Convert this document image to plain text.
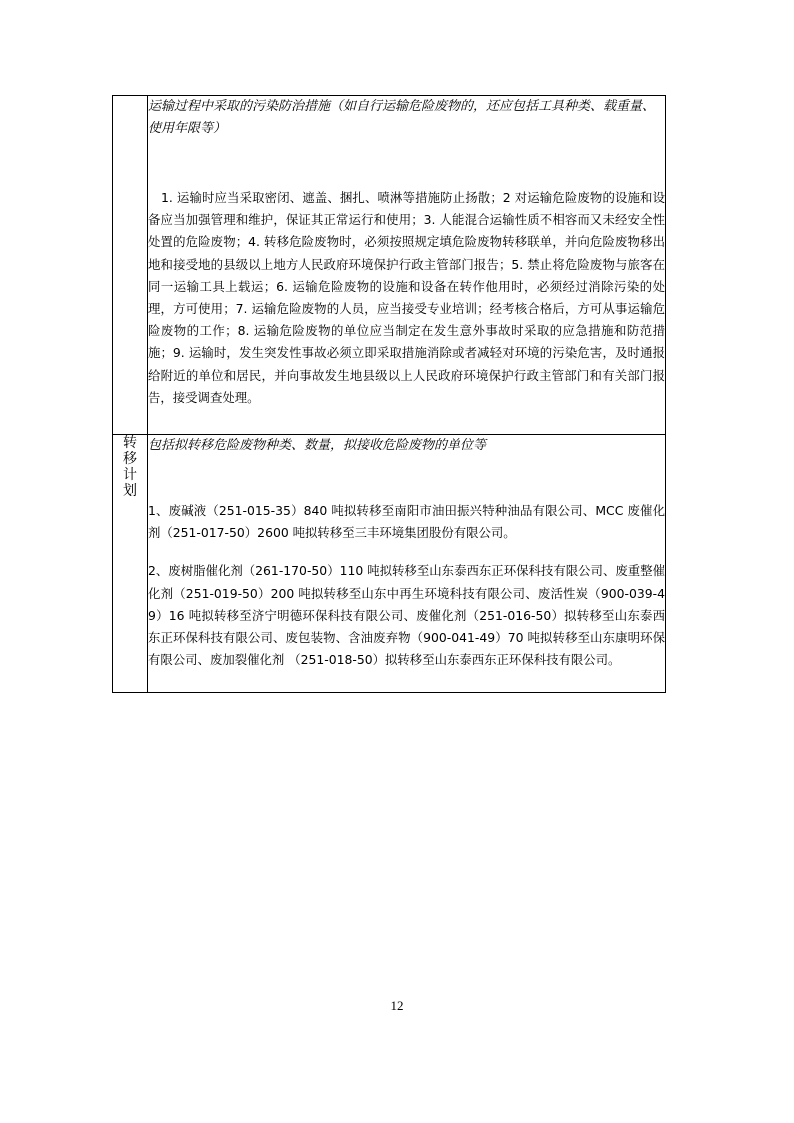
	运输过程中采取的污染防治措施（如自行运输危险废物的，还应包括工具种类、载重量、使用年限等）
1. 运输时应当采取密闭、遮盖、捆扎、喷淋等措施防止扬散；2 对运输危险废物的设施和设备应当加强管理和维护，保证其正常运行和使用；3. 人能混合运输性质不相容而又未经安全性处置的危险废物；4. 转移危险废物时，必须按照规定填危险废物转移联单，并向危险废物移出地和接受地的县级以上地方人民政府环境保护行政主管部门报告；5. 禁止将危险废物与旅客在同一运输工具上载运；6. 运输危险废物的设施和设备在转作他用时，必须经过消除污染的处理，方可使用；7. 运输危险废物的人员，应当接受专业培训；经考核合格后，方可从事运输危险废物的工作；8. 运输危险废物的单位应当制定在发生意外事故时采取的应急措施和防范措施；9. 运输时，发生突发性事故必须立即采取措施消除或者减轻对环境的污染危害，及时通报给附近的单位和居民，并向事故发生地县级以上人民政府环境保护行政主管部门和有关部门报告，接受调查处理。

转移计划	包括拟转移危险废物种类、数量，拟接收危险废物的单位等
1、废碱液（251-015-35）840 吨拟转移至南阳市油田振兴特种油品有限公司、MCC 废催化剂（251-017-50）2600 吨拟转移至三丰环境集团股份有限公司。
2、废树脂催化剂（261-170-50）110 吨拟转移至山东泰西东正环保科技有限公司、废重整催化剂（251-019-50）200 吨拟转移至山东中再生环境科技有限公司、废活性炭（900-039-49）16 吨拟转移至济宁明德环保科技有限公司、废催化剂（251-016-50）拟转移至山东泰西东正环保科技有限公司、废包装物、含油废弃物（900-041-49）70 吨拟转移至山东康明环保有限公司、废加裂催化剂 （251-018-50）拟转移至山东泰西东正环保科技有限公司。
12
